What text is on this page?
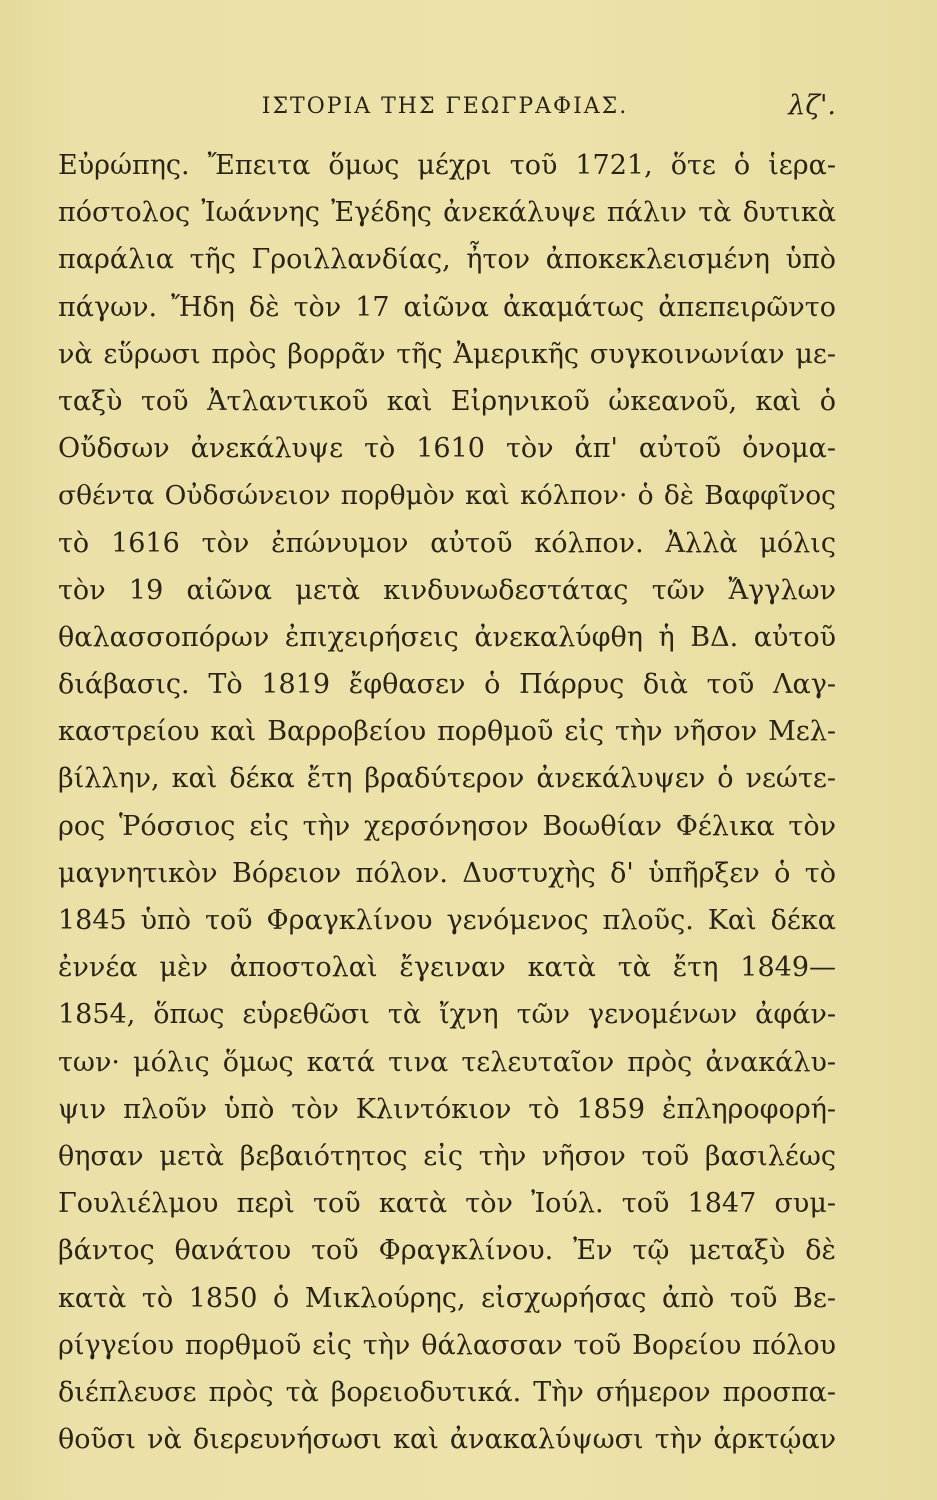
ΙΣΤΟΡΙΑ ΤΗΣ ΓΕΩΓΡΑΦΙΑΣ.	λζ'.
Εὐρώπης. Ἔπειτα ὅμως μέχρι τοῦ 1721, ὅτε ὁ ἱερα-
πόστολος Ἰωάννης Ἐγέδης ἀνεκάλυψε πάλιν τὰ δυτικὰ
παράλια τῆς Γροιλλανδίας, ἦτον ἀποκεκλεισμένη ὑπὸ
πάγων. Ἤδη δὲ τὸν 17 αἰῶνα ἀκαμάτως ἀπεπειρῶντο
νὰ εὕρωσι πρὸς βορρᾶν τῆς Ἀμερικῆς συγκοινωνίαν με-
ταξὺ τοῦ Ἀτλαντικοῦ καὶ Εἰρηνικοῦ ὠκεανοῦ, καὶ ὁ
Οὔδσων ἀνεκάλυψε τὸ 1610 τὸν ἀπ' αὐτοῦ ὀνομα-
σθέντα Οὐδσώνειον πορθμὸν καὶ κόλπον· ὁ δὲ Βαφφῖνος
τὸ 1616 τὸν ἐπώνυμον αὐτοῦ κόλπον. Ἀλλὰ μόλις
τὸν 19 αἰῶνα μετὰ κινδυνωδεστάτας τῶν Ἄγγλων
θαλασσοπόρων ἐπιχειρήσεις ἀνεκαλύφθη ἡ ΒΔ. αὐτοῦ
διάβασις. Τὸ 1819 ἔφθασεν ὁ Πάρρυς διὰ τοῦ Λαγ-
καστρείου καὶ Βαρροβείου πορθμοῦ εἰς τὴν νῆσον Μελ-
βίλλην, καὶ δέκα ἔτη βραδύτερον ἀνεκάλυψεν ὁ νεώτε-
ρος Ῥόσσιος εἰς τὴν χερσόνησον Βοωθίαν Φέλικα τὸν
μαγνητικὸν Βόρειον πόλον. Δυστυχὴς δ' ὑπῆρξεν ὁ τὸ
1845 ὑπὸ τοῦ Φραγκλίνου γενόμενος πλοῦς. Καὶ δέκα
ἐννέα μὲν ἀποστολαὶ ἔγειναν κατὰ τὰ ἔτη 1849—
1854, ὅπως εὑρεθῶσι τὰ ἴχνη τῶν γενομένων ἀφάν-
των· μόλις ὅμως κατά τινα τελευταῖον πρὸς ἀνακάλυ-
ψιν πλοῦν ὑπὸ τὸν Κλιντόκιον τὸ 1859 ἐπληροφορή-
θησαν μετὰ βεβαιότητος εἰς τὴν νῆσον τοῦ βασιλέως
Γουλιέλμου περὶ τοῦ κατὰ τὸν Ἰούλ. τοῦ 1847 συμ-
βάντος θανάτου τοῦ Φραγκλίνου. Ἐν τῷ μεταξὺ δὲ
κατὰ τὸ 1850 ὁ Μικλούρης, εἰσχωρήσας ἀπὸ τοῦ Βε-
ρίγγείου πορθμοῦ εἰς τὴν θάλασσαν τοῦ Βορείου πόλου
διέπλευσε πρὸς τὰ βορειοδυτικά. Τὴν σήμερον προσπα-
θοῦσι νὰ διερευνήσωσι καὶ ἀνακαλύψωσι τὴν ἀρκτῴαν
